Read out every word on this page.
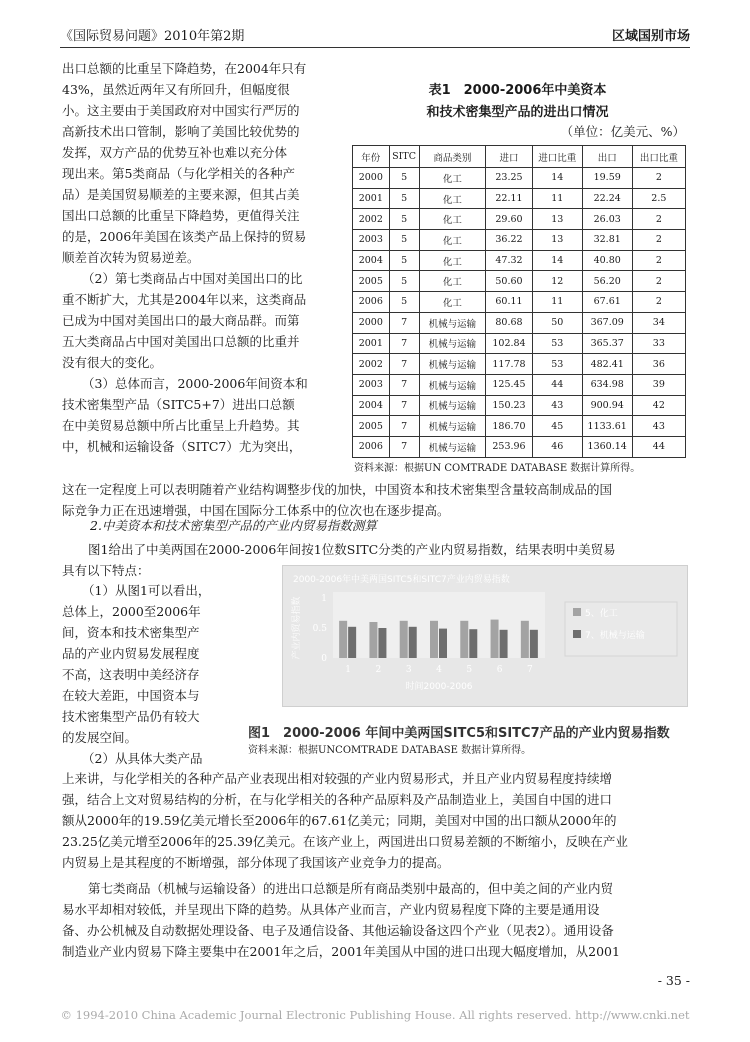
《国际贸易问题》2010年第2期	区域国别市场

出口总额的比重呈下降趋势，在2004年只有

43%，虽然近两年又有所回升，但幅度很

小。这主要由于美国政府对中国实行严厉的

高新技术出口管制，影响了美国比较优势的

发挥，双方产品的优势互补也难以充分体

现出来。第5类商品（与化学相关的各种产

品）是美国贸易顺差的主要来源，但其占美

国出口总额的比重呈下降趋势，更值得关注

的是，2006年美国在该类产品上保持的贸易

顺差首次转为贸易逆差。

（2）第七类商品占中国对美国出口的比

重不断扩大，尤其是2004年以来，这类商品

已成为中国对美国出口的最大商品群。而第

五大类商品占中国对美国出口总额的比重并

没有很大的变化。

（3）总体而言，2000-2006年间资本和

技术密集型产品（SITC5+7）进出口总额

在中美贸易总额中所占比重呈上升趋势。其

中，机械和运输设备（SITC7）尤为突出，

表1　2000-2006年中美资本
和技术密集型产品的进出口情况
（单位：亿美元、%）
年份	SITC	商品类别	进口	进口比重	出口	出口比重
2000	5	化工	23.25	14	19.59	2
2001	5	化工	22.11	11	22.24	2.5
2002	5	化工	29.60	13	26.03	2
2003	5	化工	36.22	13	32.81	2
2004	5	化工	47.32	14	40.80	2
2005	5	化工	50.60	12	56.20	2
2006	5	化工	60.11	11	67.61	2
2000	7	机械与运输	80.68	50	367.09	34
2001	7	机械与运输	102.84	53	365.37	33
2002	7	机械与运输	117.78	53	482.41	36
2003	7	机械与运输	125.45	44	634.98	39
2004	7	机械与运输	150.23	43	900.94	42
2005	7	机械与运输	186.70	45	1133.61	43
2006	7	机械与运输	253.96	46	1360.14	44
资料来源：根据UN COMTRADE DATABASE 数据计算所得。

这在一定程度上可以表明随着产业结构调整步伐的加快，中国资本和技术密集型含量较高制成品的国

际竞争力正在迅速增强，中国在国际分工体系中的位次也在逐步提高。

2.中美资本和技术密集型产品的产业内贸易指数测算

图1给出了中美两国在2000-2006年间按1位数SITC分类的产业内贸易指数，结果表明中美贸易

具有以下特点：

（1）从图1可以看出，

总体上，2000至2006年

间，资本和技术密集型产

品的产业内贸易发展程度

不高，这表明中美经济存

在较大差距，中国资本与

技术密集型产品仍有较大

的发展空间。

（2）从具体大类产品

2000-2006年中美两国SITC5和SITC7产业内贸易指数
产业内贸易指数 0
0.5
1
1	2	3	4	5	6	7
时间2000-2006
5、化工
7、机械与运输
图1　2000-2006 年间中美两国SITC5和SITC7产品的产业内贸易指数
资料来源：根据UNCOMTRADE DATABASE 数据计算所得。

上来讲，与化学相关的各种产品产业表现出相对较强的产业内贸易形式，并且产业内贸易程度持续增

强，结合上文对贸易结构的分析，在与化学相关的各种产品原料及产品制造业上，美国自中国的进口

额从2000年的19.59亿美元增长至2006年的67.61亿美元；同期，美国对中国的出口额从2000年的

23.25亿美元增至2006年的25.39亿美元。在该产业上，两国进出口贸易差额的不断缩小，反映在产业

内贸易上是其程度的不断增强，部分体现了我国该产业竞争力的提高。

第七类商品（机械与运输设备）的进出口总额是所有商品类别中最高的，但中美之间的产业内贸

易水平却相对较低，并呈现出下降的趋势。从具体产业而言，产业内贸易程度下降的主要是通用设

备、办公机械及自动数据处理设备、电子及通信设备、其他运输设备这四个产业（见表2）。通用设备

制造业产业内贸易下降主要集中在2001年之后，2001年美国从中国的进口出现大幅度增加，从2001

- 35 -
© 1994-2010 China Academic Journal Electronic Publishing House. All rights reserved. http://www.cnki.net
